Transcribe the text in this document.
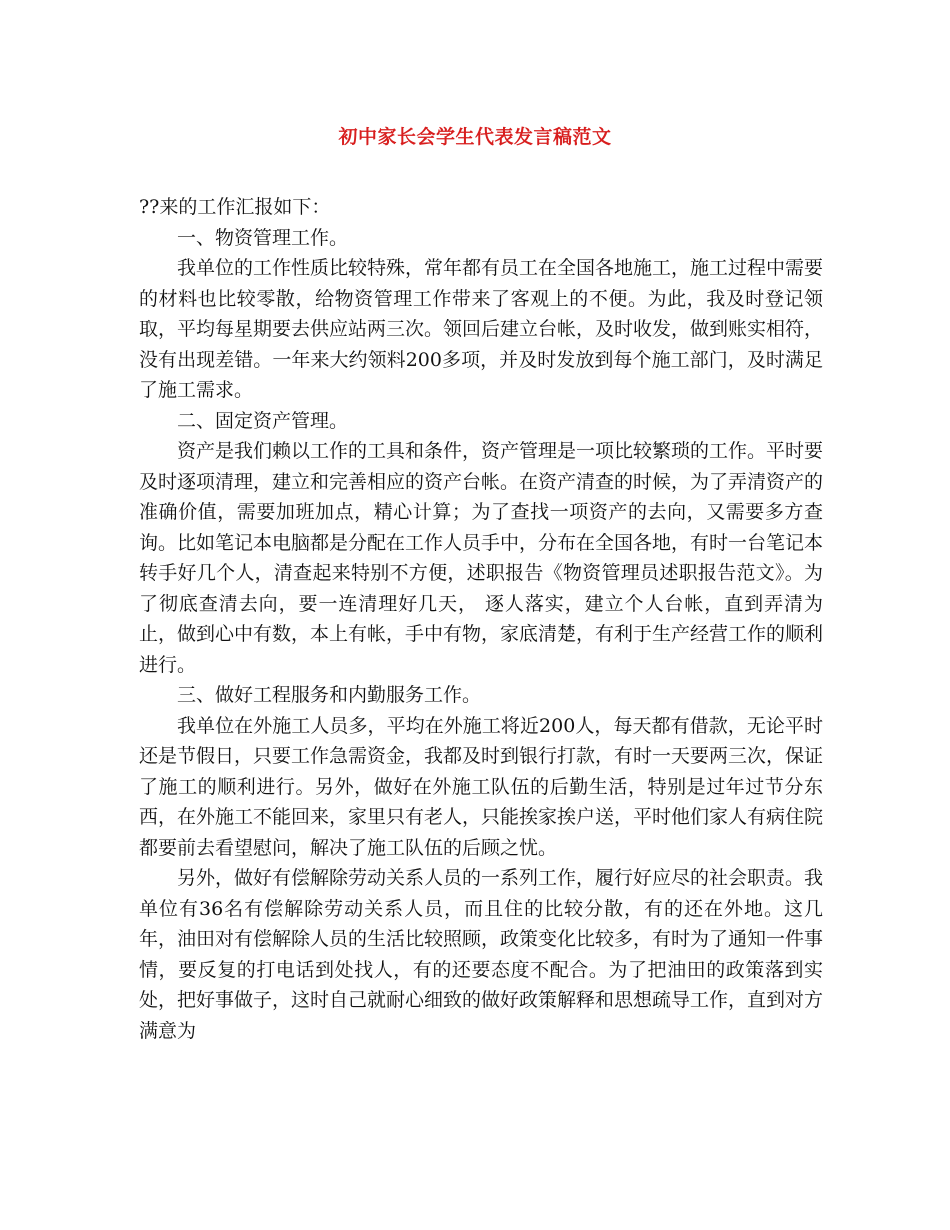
初中家长会学生代表发言稿范文

??来的工作汇报如下：

一、物资管理工作。

我单位的工作性质比较特殊，常年都有员工在全国各地施工，施工过程中需要的材料也比较零散，给物资管理工作带来了客观上的不便。为此，我及时登记领取，平均每星期要去供应站两三次。领回后建立台帐，及时收发，做到账实相符，没有出现差错。一年来大约领料200多项，并及时发放到每个施工部门，及时满足了施工需求。

二、固定资产管理。

资产是我们赖以工作的工具和条件，资产管理是一项比较繁琐的工作。平时要及时逐项清理，建立和完善相应的资产台帐。在资产清查的时候，为了弄清资产的准确价值，需要加班加点，精心计算；为了查找一项资产的去向，又需要多方查询。比如笔记本电脑都是分配在工作人员手中，分布在全国各地，有时一台笔记本转手好几个人，清查起来特别不方便，述职报告《物资管理员述职报告范文》。为了彻底查清去向，要一连清理好几天， 逐人落实，建立个人台帐，直到弄清为止，做到心中有数，本上有帐，手中有物，家底清楚，有利于生产经营工作的顺利进行。

三、做好工程服务和内勤服务工作。

我单位在外施工人员多，平均在外施工将近200人，每天都有借款，无论平时还是节假日，只要工作急需资金，我都及时到银行打款，有时一天要两三次，保证了施工的顺利进行。另外，做好在外施工队伍的后勤生活，特别是过年过节分东西，在外施工不能回来，家里只有老人，只能挨家挨户送，平时他们家人有病住院都要前去看望慰问，解决了施工队伍的后顾之忧。

另外，做好有偿解除劳动关系人员的一系列工作，履行好应尽的社会职责。我单位有36名有偿解除劳动关系人员，而且住的比较分散，有的还在外地。这几年，油田对有偿解除人员的生活比较照顾，政策变化比较多，有时为了通知一件事情，要反复的打电话到处找人，有的还要态度不配合。为了把油田的政策落到实处，把好事做子，这时自己就耐心细致的做好政策解释和思想疏导工作，直到对方满意为
